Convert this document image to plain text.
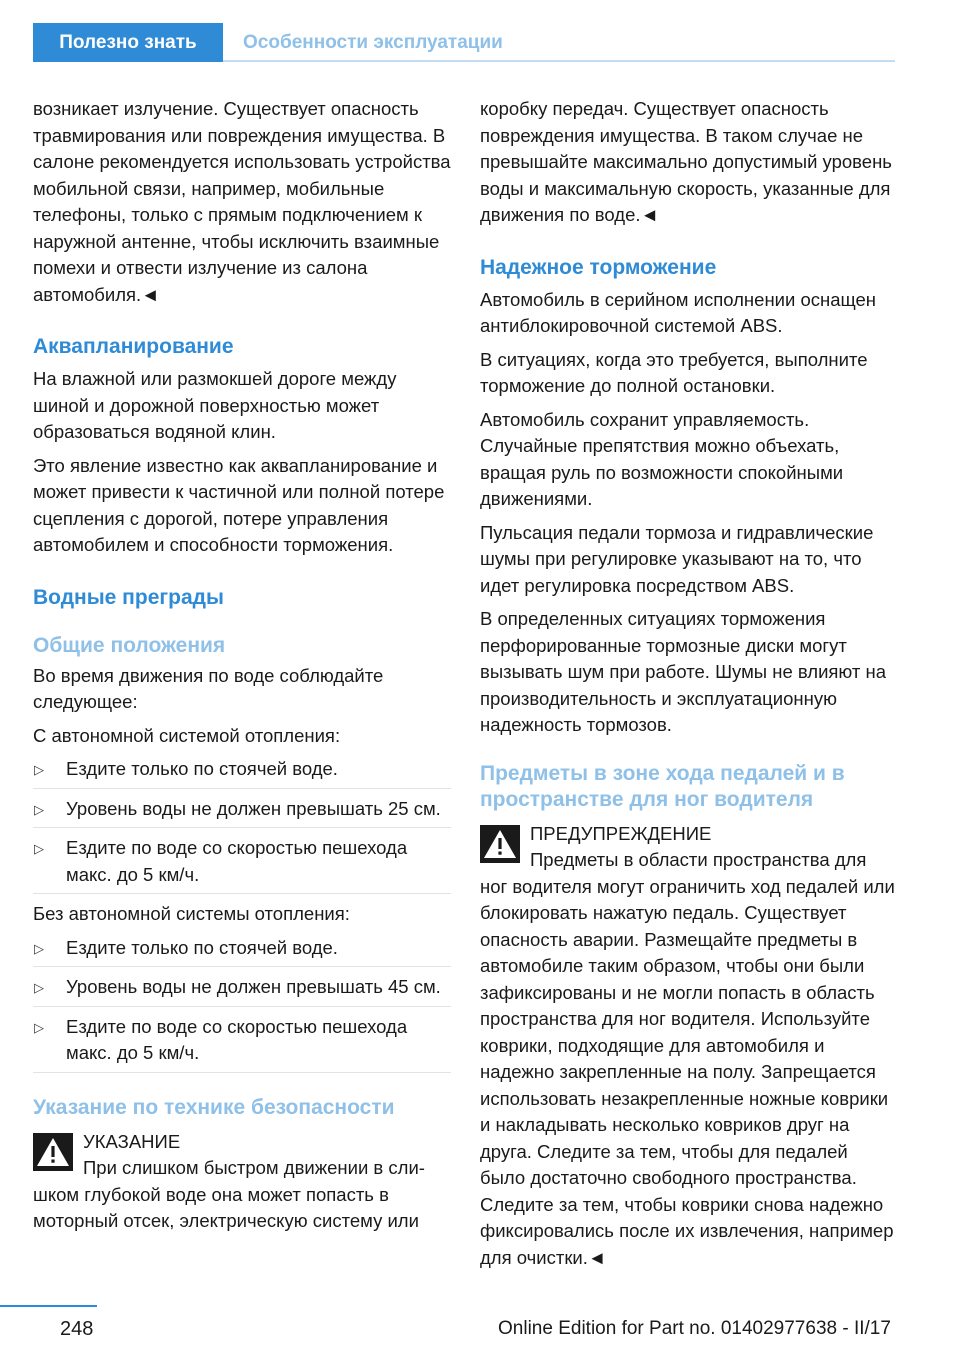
Полезно знать	Особенности эксплуатации

возникает излучение. Существует опасность травмирования или повреждения имущества. В салоне рекомендуется использовать устройства мобильной связи, например, мобильные телефоны, только с прямым подключением к наружной антенне, чтобы исключить взаимные помехи и отвести излучение из салона автомобиля.◄

Аквапланирование

На влажной или размокшей дороге между шиной и дорожной поверхностью может образоваться водяной клин.

Это явление известно как аквапланирование и может привести к частичной или полной потере сцепления с дорогой, потере управления автомобилем и способности торможения.

Водные преграды
Общие положения

Во время движения по воде соблюдайте следующее:

С автономной системой отопления:

▷ Ездите только по стоячей воде.
▷ Уровень воды не должен превышать 25 см.
▷ Ездите по воде со скоростью пешехода макс. до 5 км/ч.

Без автономной системы отопления:

▷ Ездите только по стоячей воде.
▷ Уровень воды не должен превышать 45 см.
▷ Ездите по воде со скоростью пешехода макс. до 5 км/ч.
Указание по технике безопасности
УКАЗАНИЕ
При слишком быстром движении в сли-
шком глубокой воде она может попасть в моторный отсек, электрическую систему или

коробку передач. Существует опасность повреждения имущества. В таком случае не превышайте максимально допустимый уровень воды и максимальную скорость, указанные для движения по воде.◄

Надежное торможение

Автомобиль в серийном исполнении оснащен антиблокировочной системой ABS.

В ситуациях, когда это требуется, выполните торможение до полной остановки.

Автомобиль сохранит управляемость. Случайные препятствия можно объехать, вращая руль по возможности спокойными движениями.

Пульсация педали тормоза и гидравлические шумы при регулировке указывают на то, что идет регулировка посредством ABS.

В определенных ситуациях торможения перфорированные тормозные диски могут вызывать шум при работе. Шумы не влияют на производительность и эксплуатационную надежность тормозов.

Предметы в зоне хода педалей и в пространстве для ног водителя
ПРЕДУПРЕЖДЕНИЕ
Предметы в области пространства для
ног водителя могут ограничить ход педалей или блокировать нажатую педаль. Существует опасность аварии. Размещайте предметы в автомобиле таким образом, чтобы они были зафиксированы и не могли попасть в область пространства для ног водителя. Используйте коврики, подходящие для автомобиля и надежно закрепленные на полу. Запрещается использовать незакрепленные ножные коврики и накладывать несколько ковриков друг на друга. Следите за тем, чтобы для педалей было достаточно свободного пространства. Следите за тем, чтобы коврики снова надежно фиксировались после их извлечения, например для очистки.◄
248	Online Edition for Part no. 01402977638 - II/17
